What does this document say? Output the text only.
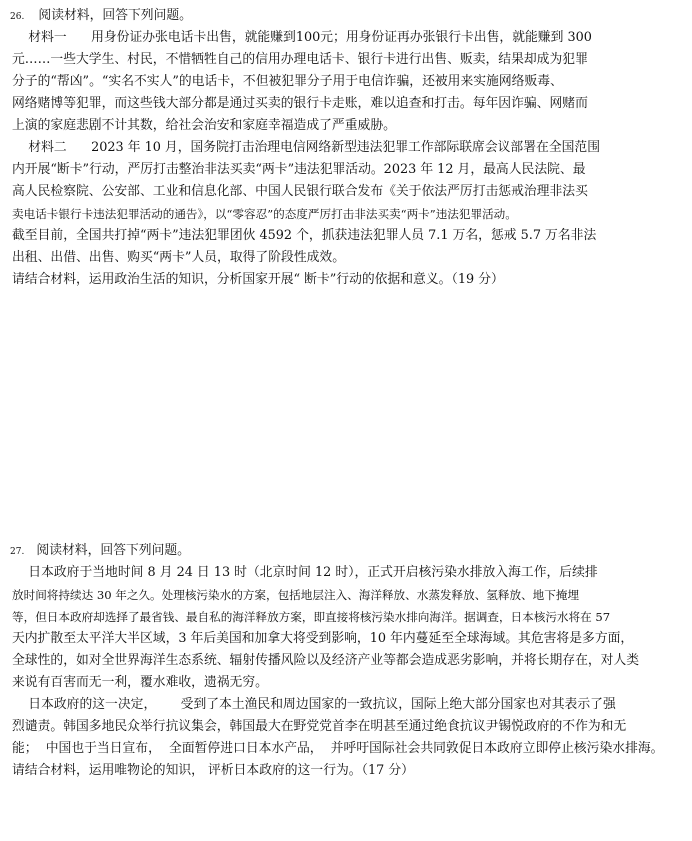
26. 阅读材料，回答下列问题。
材料一      用身份证办张电话卡出售，就能赚到100元；用身份证再办张银行卡出售，就能赚到 300
元……一些大学生、村民，不惜牺牲自己的信用办理电话卡、银行卡进行出售、贩卖，结果却成为犯罪
分子的“帮凶”。“实名不实人”的电话卡，不但被犯罪分子用于电信诈骗，还被用来实施网络贩毒、
网络赌博等犯罪，而这些钱大部分都是通过买卖的银行卡走账，难以追查和打击。每年因诈骗、网赌而
上演的家庭悲剧不计其数，给社会治安和家庭幸福造成了严重威胁。
材料二      2023 年 10 月，国务院打击治理电信网络新型违法犯罪工作部际联席会议部署在全国范围
内开展“断卡”行动，严厉打击整治非法买卖“两卡”违法犯罪活动。2023 年 12 月，最高人民法院、最
高人民检察院、公安部、工业和信息化部、中国人民银行联合发布《关于依法严厉打击惩戒治理非法买
卖电话卡银行卡违法犯罪活动的通告》，以“零容忍”的态度严厉打击非法买卖“两卡”违法犯罪活动。
截至目前，全国共打掉“两卡”违法犯罪团伙 4592 个，抓获违法犯罪人员 7.1 万名，惩戒 5.7 万名非法
出租、出借、出售、购买“两卡”人员，取得了阶段性成效。
请结合材料，运用政治生活的知识，分析国家开展“ 断卡”行动的依据和意义。（19 分）
27. 阅读材料，回答下列问题。
日本政府于当地时间 8 月 24 日 13 时（北京时间 12 时），正式开启核污染水排放入海工作，后续排
放时间将持续达 30 年之久。处理核污染水的方案，包括地层注入、海洋释放、水蒸发释放、氢释放、地下掩埋
等，但日本政府却选择了最省钱、最自私的海洋释放方案，即直接将核污染水排向海洋。据调查，日本核污水将在 57
天内扩散至太平洋大半区域，3 年后美国和加拿大将受到影响，10 年内蔓延至全球海域。其危害将是多方面，
全球性的，如对全世界海洋生态系统、辐射传播风险以及经济产业等都会造成恶劣影响，并将长期存在，对人类
来说有百害而无一利，覆水难收，遗祸无穷。
日本政府的这一决定，      受到了本土渔民和周边国家的一致抗议，国际上绝大部分国家也对其表示了强
烈谴责。韩国多地民众举行抗议集会，韩国最大在野党党首李在明甚至通过绝食抗议尹锡悦政府的不作为和无
能；  中国也于当日宣布，  全面暂停进口日本水产品，  并呼吁国际社会共同敦促日本政府立即停止核污染水排海。
请结合材料，运用唯物论的知识， 评析日本政府的这一行为。（17 分）
